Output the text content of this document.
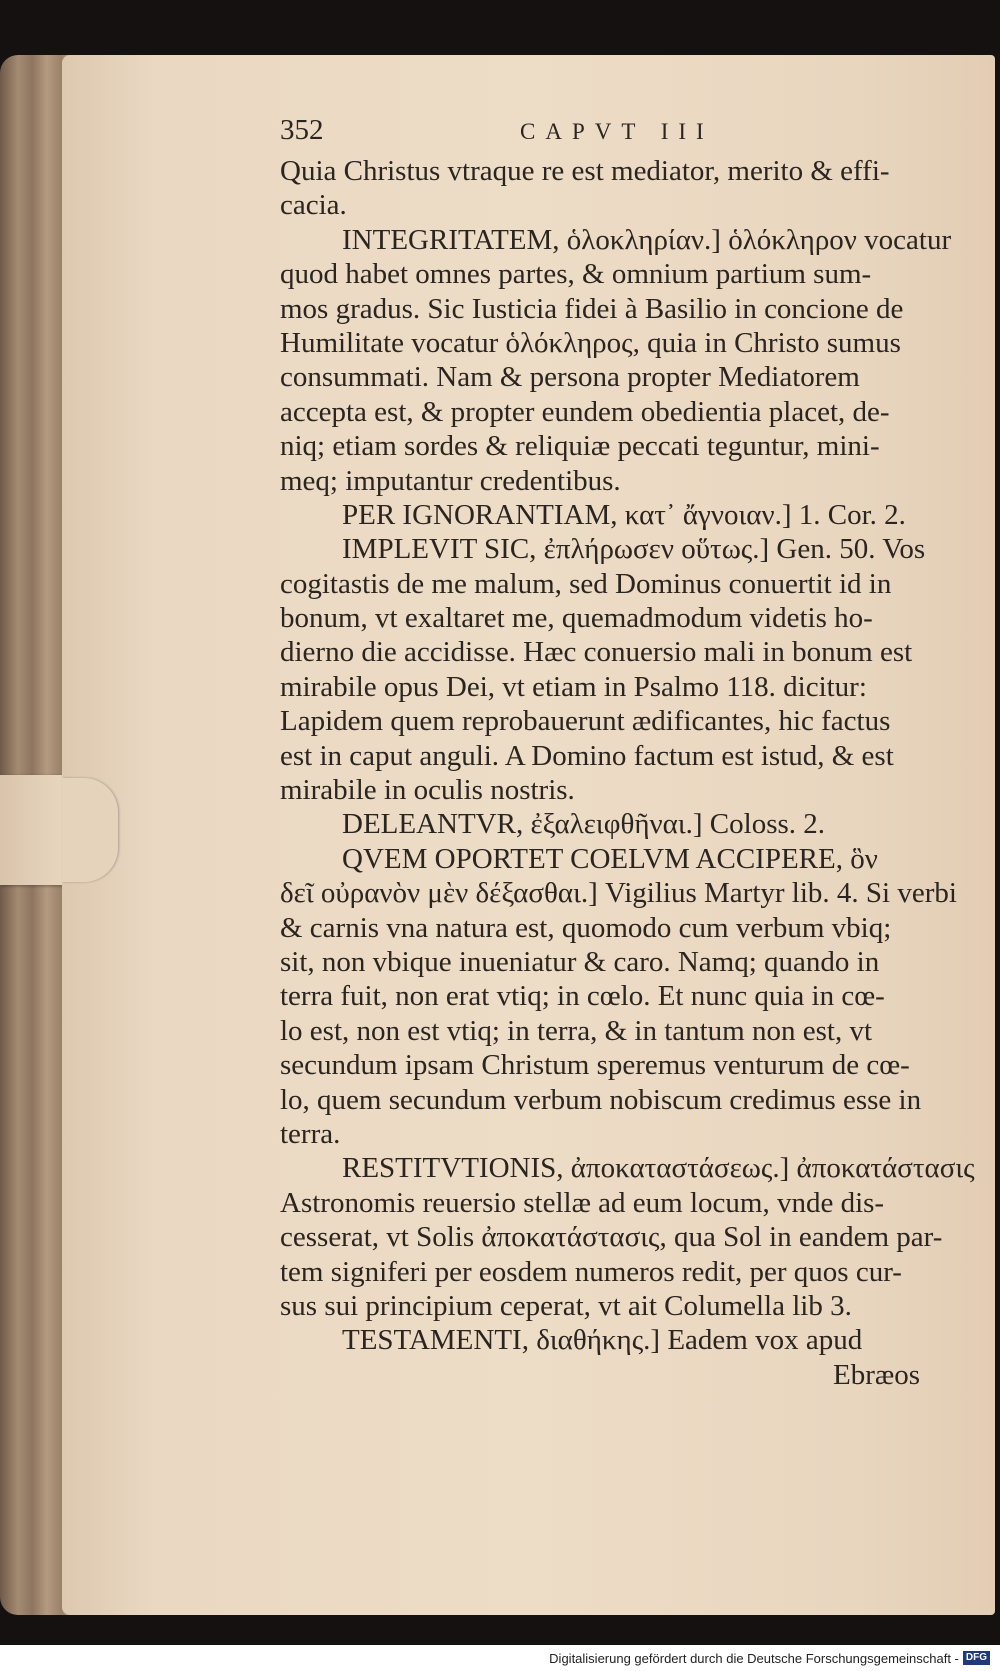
352	CAPVT III
Quia Christus vtraque re est mediator, merito & effi-
cacia.
INTEGRITATEM, ὁλοκληρίαν.] ὁλόκληρον vocatur
quod habet omnes partes, & omnium partium sum-
mos gradus. Sic Iusticia fidei à Basilio in concione de
Humilitate vocatur ὁλόκληρος, quia in Christo sumus
consummati. Nam & persona propter Mediatorem
accepta est, & propter eundem obedientia placet, de-
niq; etiam sordes & reliquiæ peccati teguntur, mini-
meq; imputantur credentibus.
PER IGNORANTIAM, κατ᾽ ἄγνοιαν.] 1. Cor. 2.
IMPLEVIT SIC, ἐπλήρωσεν οὕτως.] Gen. 50. Vos
cogitastis de me malum, sed Dominus conuertit id in
bonum, vt exaltaret me, quemadmodum videtis ho-
dierno die accidisse. Hæc conuersio mali in bonum est
mirabile opus Dei, vt etiam in Psalmo 118. dicitur:
Lapidem quem reprobauerunt ædificantes, hic factus
est in caput anguli. A Domino factum est istud, & est
mirabile in oculis nostris.
DELEANTVR, ἐξαλειφθῆναι.] Coloss. 2.
QVEM OPORTET COELVM ACCIPERE, ὃν
δεῖ οὐρανὸν μὲν δέξασθαι.] Vigilius Martyr lib. 4. Si verbi
& carnis vna natura est, quomodo cum verbum vbiq;
sit, non vbique inueniatur & caro. Namq; quando in
terra fuit, non erat vtiq; in cœlo. Et nunc quia in cœ-
lo est, non est vtiq; in terra, & in tantum non est, vt
secundum ipsam Christum speremus venturum de cœ-
lo, quem secundum verbum nobiscum credimus esse in
terra.
RESTITVTIONIS, ἀποκαταστάσεως.] ἀποκατάστασις
Astronomis reuersio stellæ ad eum locum, vnde dis-
cesserat, vt Solis ἀποκατάστασις, qua Sol in eandem par-
tem signiferi per eosdem numeros redit, per quos cur-
sus sui principium ceperat, vt ait Columella lib 3.
TESTAMENTI, διαθήκης.] Eadem vox apud
Ebræos
Digitalisierung gefördert durch die Deutsche Forschungsgemeinschaft - DFG
